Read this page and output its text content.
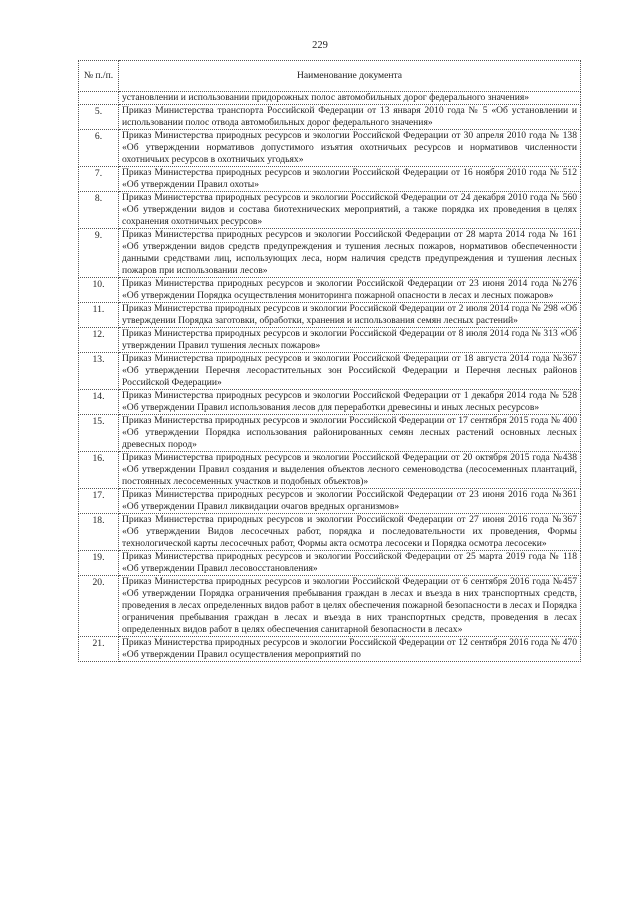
229
№ п./п.	Наименование документа
	установлении и использовании придорожных полос автомобильных дорог федерального значения»
5.	Приказ Министерства транспорта Российской Федерации от 13 января 2010 года № 5 «Об установлении и использовании полос отвода автомобильных дорог федерального значения»
6.	Приказ Министерства природных ресурсов и экологии Российской Федерации от 30 апреля 2010 года № 138 «Об утверждении нормативов допустимого изъятия охотничьих ресурсов и нормативов численности охотничьих ресурсов в охотничьих угодьях»
7.	Приказ Министерства природных ресурсов и экологии Российской Федерации от 16 ноября 2010 года № 512 «Об утверждении Правил охоты»
8.	Приказ Министерства природных ресурсов и экологии Российской Федерации от 24 декабря 2010 года № 560 «Об утверждении видов и состава биотехнических мероприятий, а также порядка их проведения в целях сохранения охотничьих ресурсов»
9.	Приказ Министерства природных ресурсов и экологии Российской Федерации от 28 марта 2014 года № 161 «Об утверждении видов средств предупреждения и тушения лесных пожаров, нормативов обеспеченности данными средствами лиц, использующих леса, норм наличия средств предупреждения и тушения лесных пожаров при использовании лесов»
10.	Приказ Министерства природных ресурсов и экологии Российской Федерации от 23 июня 2014 года №276 «Об утверждении Порядка осуществления мониторинга пожарной опасности в лесах и лесных пожаров»
11.	Приказ Министерства природных ресурсов и экологии Российской Федерации от 2 июля 2014 года № 298 «Об утверждении Порядка заготовки, обработки, хранения и использования семян лесных растений»
12.	Приказ Министерства природных ресурсов и экологии Российской Федерации от 8 июля 2014 года № 313 «Об утверждении Правил тушения лесных пожаров»
13.	Приказ Министерства природных ресурсов и экологии Российской Федерации от 18 августа 2014 года №367 «Об утверждении Перечня лесорастительных зон Российской Федерации и Перечня лесных районов Российской Федерации»
14.	Приказ Министерства природных ресурсов и экологии Российской Федерации от 1 декабря 2014 года № 528 «Об утверждении Правил использования лесов для переработки древесины и иных лесных ресурсов»
15.	Приказ Министерства природных ресурсов и экологии Российской Федерации от 17 сентября 2015 года № 400 «Об утверждении Порядка использования районированных семян лесных растений основных лесных древесных пород»
16.	Приказ Министерства природных ресурсов и экологии Российской Федерации от 20 октября 2015 года №438 «Об утверждении Правил создания и выделения объектов лесного семеноводства (лесосеменных плантаций, постоянных лесосеменных участков и подобных объектов)»
17.	Приказ Министерства природных ресурсов и экологии Российской Федерации от 23 июня 2016 года №361 «Об утверждении Правил ликвидации очагов вредных организмов»
18.	Приказ Министерства природных ресурсов и экологии Российской Федерации от 27 июня 2016 года №367 «Об утверждении Видов лесосечных работ, порядка и последовательности их проведения, Формы технологической карты лесосечных работ, Формы акта осмотра лесосеки и Порядка осмотра лесосеки»
19.	Приказ Министерства природных ресурсов и экологии Российской Федерации от 25 марта 2019 года № 118 «Об утверждении Правил лесовосстановления»
20.	Приказ Министерства природных ресурсов и экологии Российской Федерации от 6 сентября 2016 года №457 «Об утверждении Порядка ограничения пребывания граждан в лесах и въезда в них транспортных средств, проведения в лесах определенных видов работ в целях обеспечения пожарной безопасности в лесах и Порядка ограничения пребывания граждан в лесах и въезда в них транспортных средств, проведения в лесах определенных видов работ в целях обеспечения санитарной безопасности в лесах»
21.	Приказ Министерства природных ресурсов и экологии Российской Федерации от 12 сентября 2016 года № 470 «Об утверждении Правил осуществления мероприятий по
